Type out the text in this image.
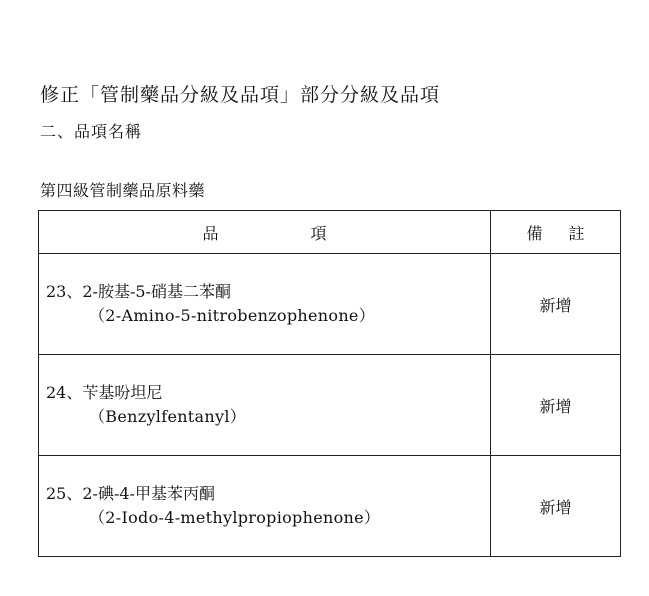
修正「管制藥品分級及品項」部分分級及品項
二、品項名稱
第四級管制藥品原料藥
品 項	備 註

23、2-胺基-5-硝基二苯酮
（2-Amino-5-nitrobenzophenone）	新增

24、苄基吩坦尼
（Benzylfentanyl）	新增

25、2-碘-4-甲基苯丙酮
（2-Iodo-4-methylpropiophenone）	新增
